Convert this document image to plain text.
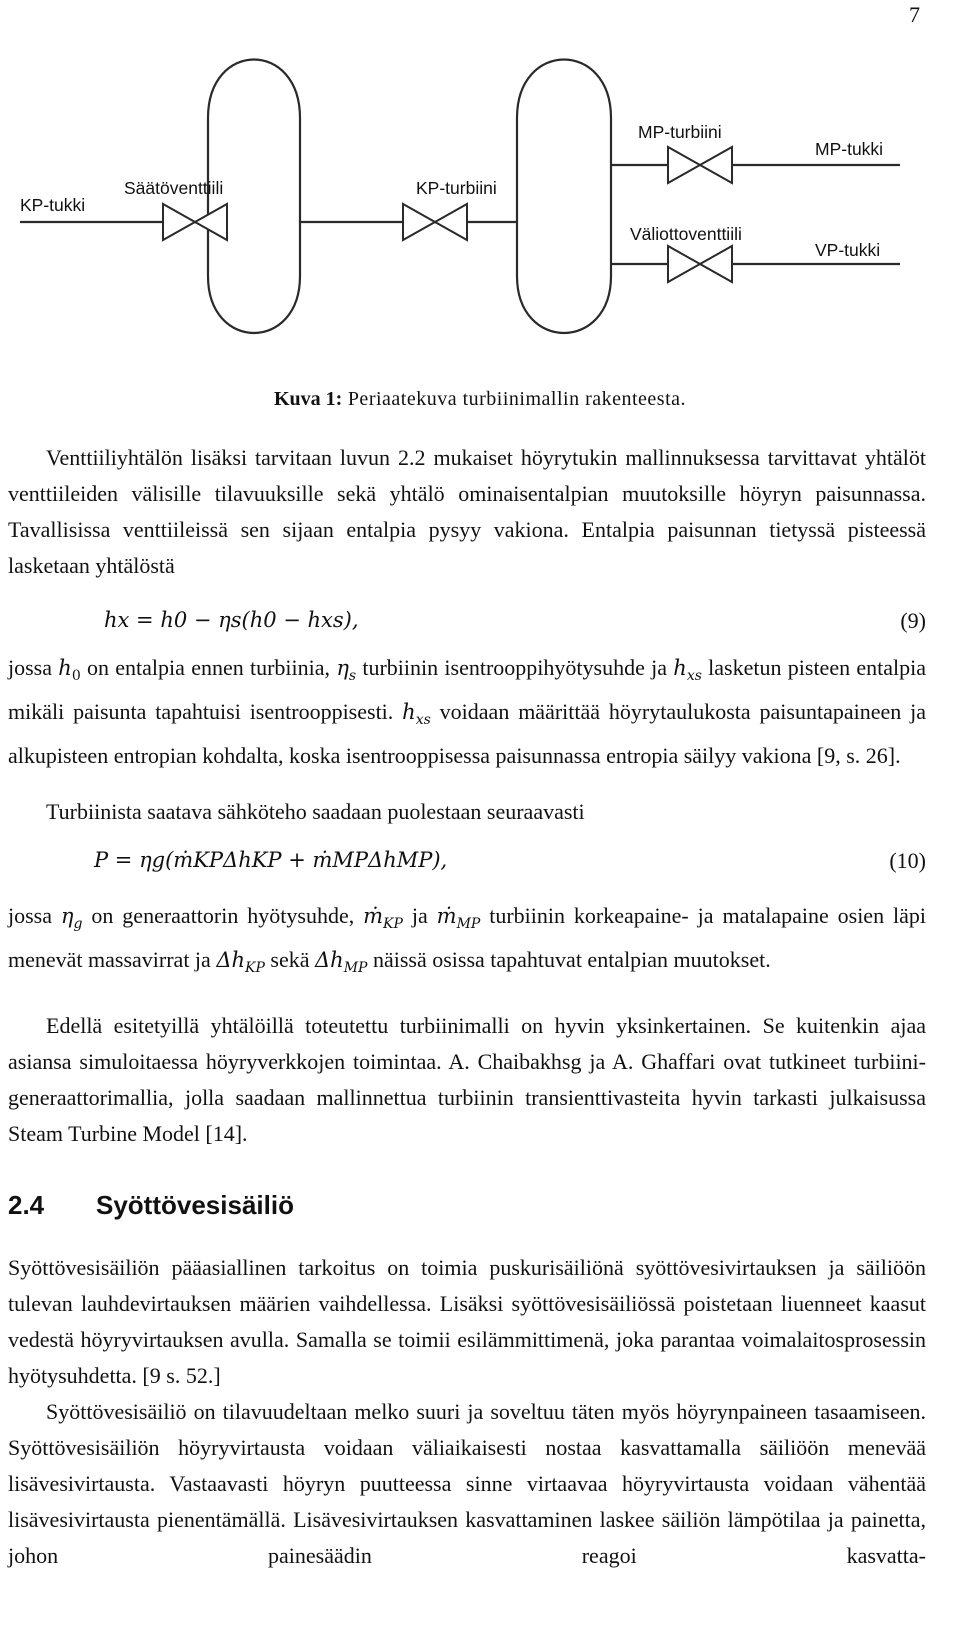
7
KP-tukki
Säätöventtiili	KP-turbiini
MP-turbiini
MP-tukki
Väliottoventtiili
VP-tukki
Kuva 1: Periaatekuva turbiinimallin rakenteesta.

Venttiiliyhtälön lisäksi tarvitaan luvun 2.2 mukaiset höyrytukin mallinnuksessa tarvittavat yhtälöt venttiileiden välisille tilavuuksille sekä yhtälö ominaisentalpian muutoksille höyryn paisunnassa. Tavallisissa venttiileissä sen sijaan entalpia pysyy vakiona. Entalpia paisunnan tietyssä pisteessä lasketaan yhtälöstä

hx = h0 − ηs(h0 − hxs),	(9)

jossa $h_0$ on entalpia ennen turbiinia, $\eta_s$ turbiinin isentrooppihyötysuhde ja $h_{xs}$ lasketun pisteen entalpia mikäli paisunta tapahtuisi isentrooppisesti. $h_{xs}$ voidaan määrittää höyrytaulukosta paisuntapaineen ja alkupisteen entropian kohdalta, koska isentrooppisessa paisunnassa entropia säilyy vakiona [9, s. 26].

Turbiinista saatava sähköteho saadaan puolestaan seuraavasti

P = ηg(ṁKPΔhKP + ṁMPΔhMP),	(10)

jossa $\eta_g$ on generaattorin hyötysuhde, ṁ$_{KP}$ ja ṁ$_{MP}$ turbiinin korkeapaine- ja matalapaine osien läpi menevät massavirrat ja $\Delta h_{KP}$ sekä $\Delta h_{MP}$ näissä osissa tapahtuvat entalpian muutokset.

Edellä esitetyillä yhtälöillä toteutettu turbiinimalli on hyvin yksinkertainen. Se kuitenkin ajaa asiansa simuloitaessa höyryverkkojen toimintaa. A. Chaibakhsg ja A. Ghaffari ovat tutkineet turbiini-generaattorimallia, jolla saadaan mallinnettua turbiinin transienttivasteita hyvin tarkasti julkaisussa Steam Turbine Model [14].

2.4 Syöttövesisäiliö

Syöttövesisäiliön pääasiallinen tarkoitus on toimia puskurisäiliönä syöttövesivirtauksen ja säiliöön tulevan lauhdevirtauksen määrien vaihdellessa. Lisäksi syöttövesisäiliössä poistetaan liuenneet kaasut vedestä höyryvirtauksen avulla. Samalla se toimii esilämmittimenä, joka parantaa voimalaitosprosessin hyötysuhdetta. [9 s. 52.]

Syöttövesisäiliö on tilavuudeltaan melko suuri ja soveltuu täten myös höyrynpaineen tasaamiseen. Syöttövesisäiliön höyryvirtausta voidaan väliaikaisesti nostaa kasvattamalla säiliöön menevää lisävesivirtausta. Vastaavasti höyryn puutteessa sinne virtaavaa höyryvirtausta voidaan vähentää lisävesivirtausta pienentämällä. Lisävesivirtauksen kasvattaminen laskee säiliön lämpötilaa ja painetta, johon painesäädin reagoi kasvatta-
